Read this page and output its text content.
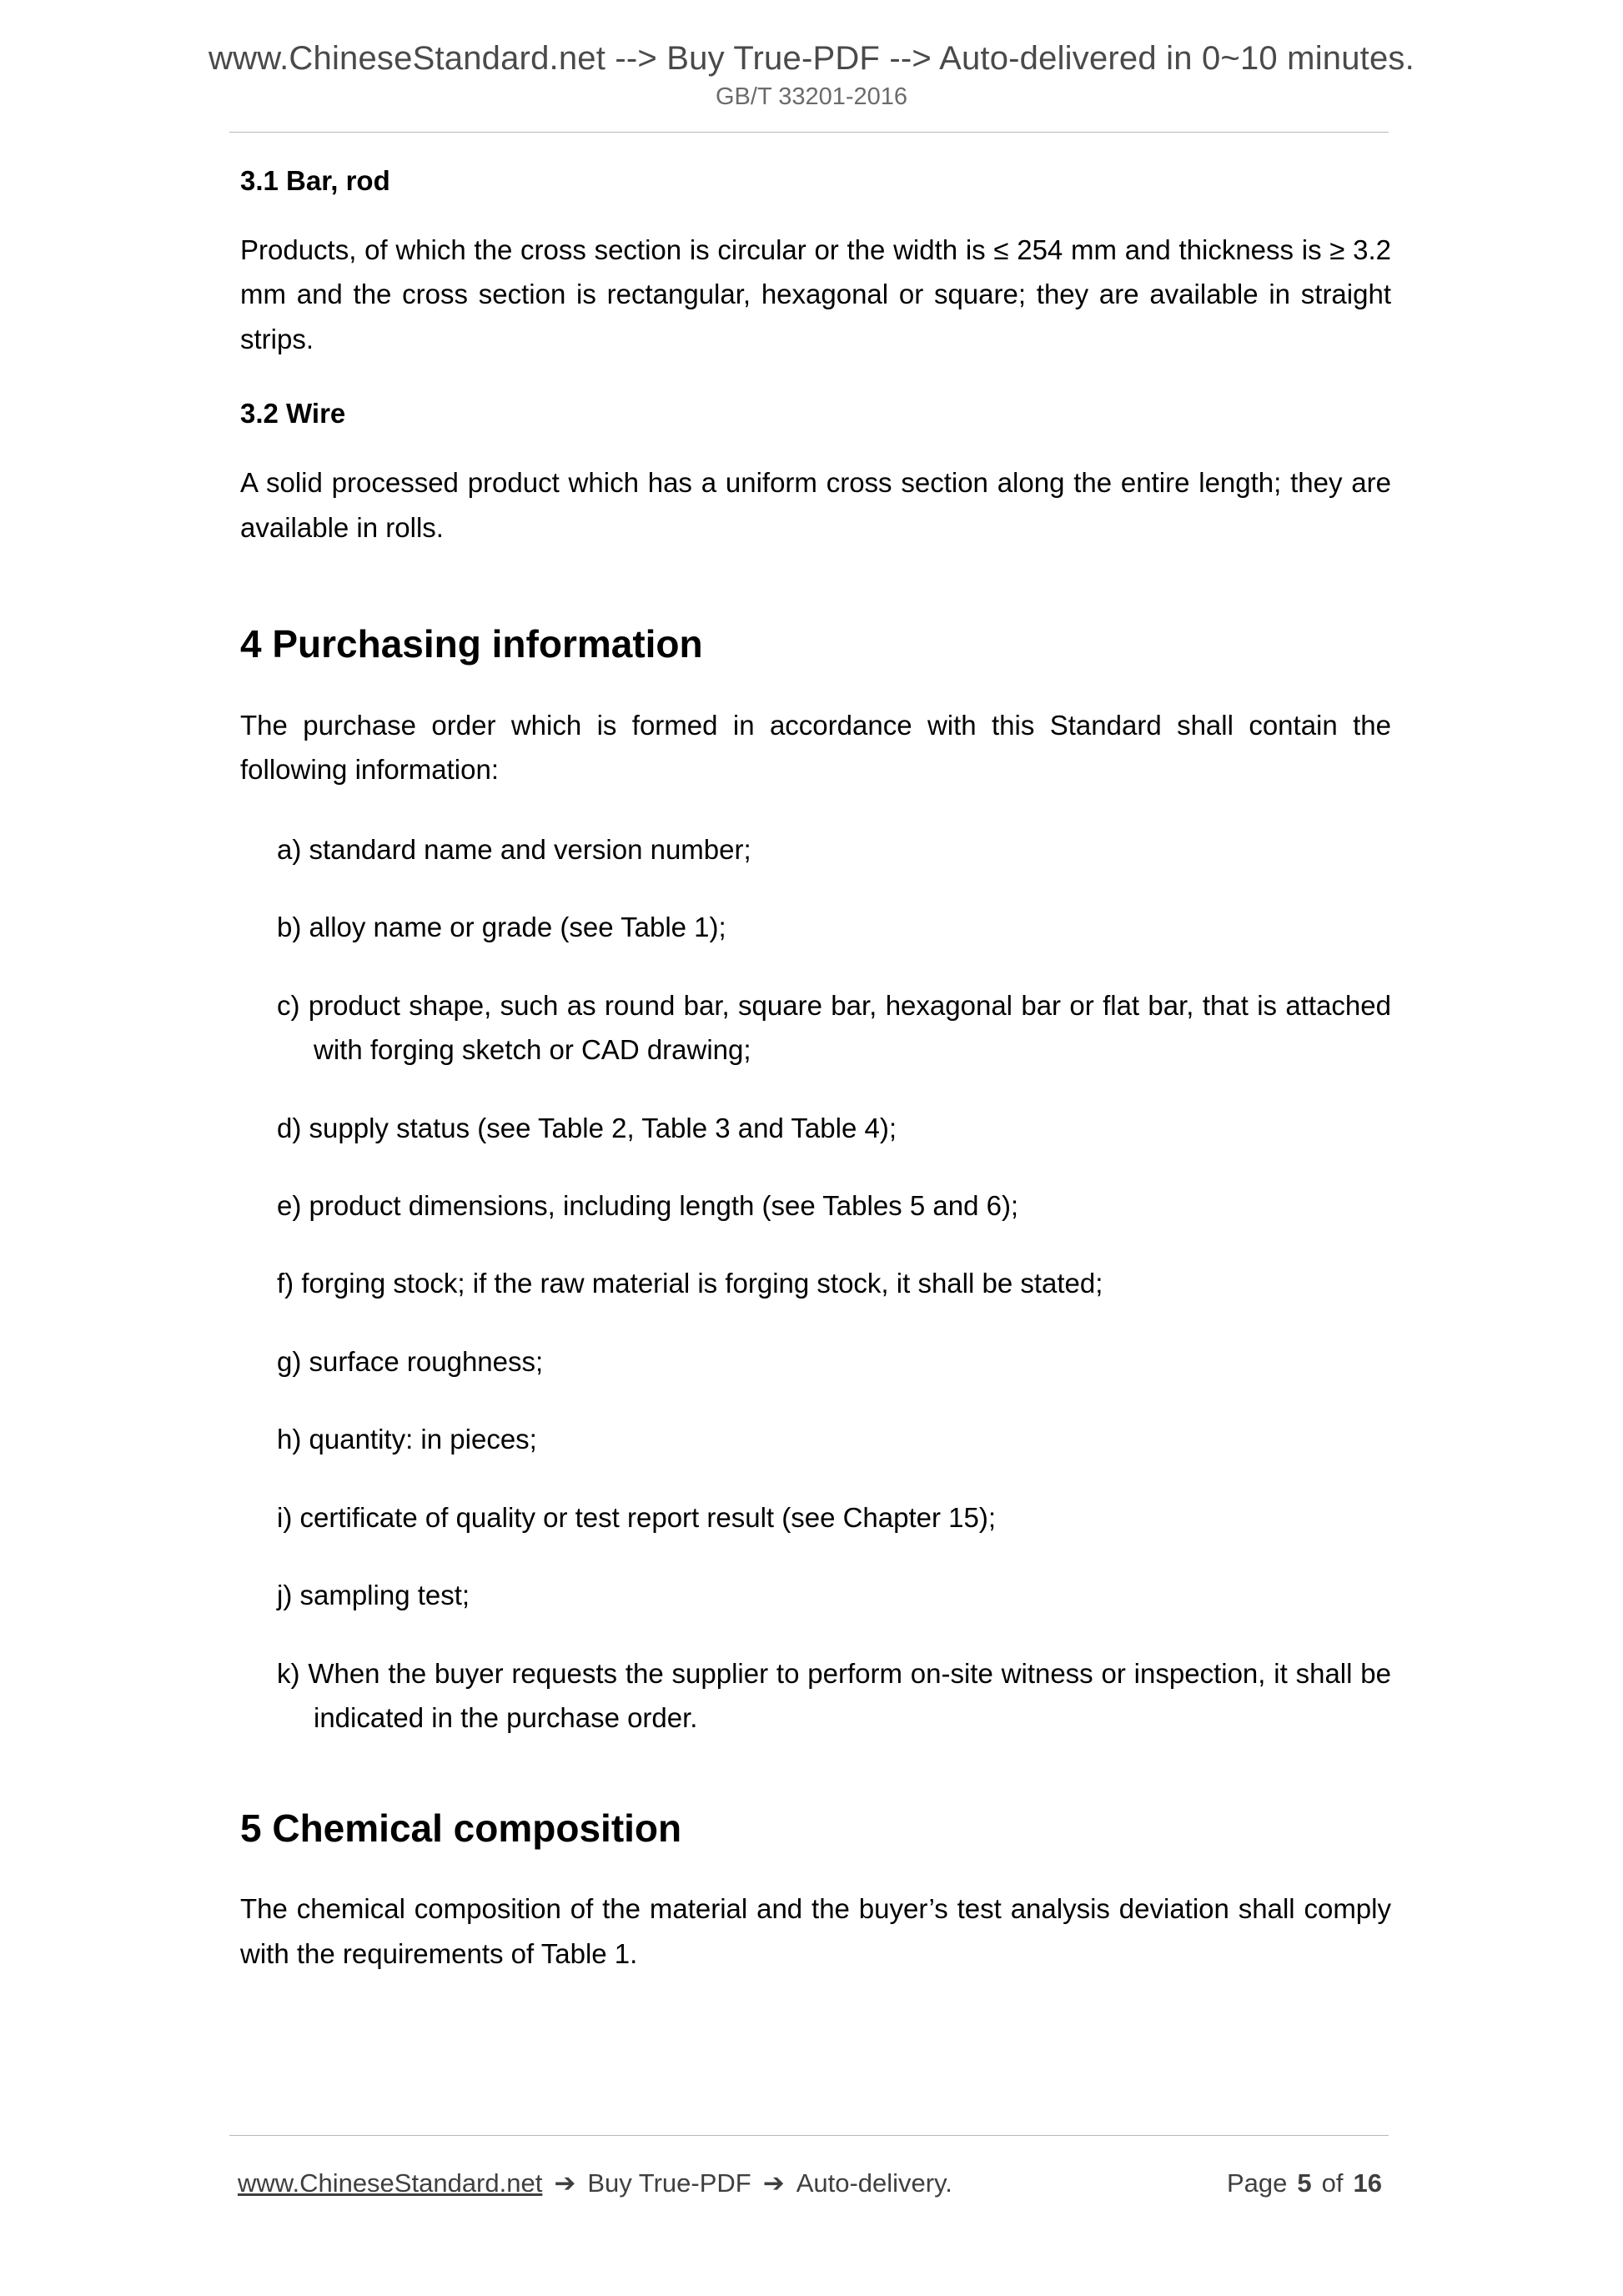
www.ChineseStandard.net --> Buy True-PDF --> Auto-delivered in 0~10 minutes.
GB/T 33201-2016
3.1 Bar, rod

Products, of which the cross section is circular or the width is ≤ 254 mm and thickness is ≥ 3.2 mm and the cross section is rectangular, hexagonal or square; they are available in straight strips.

3.2 Wire

A solid processed product which has a uniform cross section along the entire length; they are available in rolls.

4 Purchasing information

The purchase order which is formed in accordance with this Standard shall contain the following information:

a) standard name and version number;

b) alloy name or grade (see Table 1);

c) product shape, such as round bar, square bar, hexagonal bar or flat bar, that is attached with forging sketch or CAD drawing;

d) supply status (see Table 2, Table 3 and Table 4);

e) product dimensions, including length (see Tables 5 and 6);

f) forging stock; if the raw material is forging stock, it shall be stated;

g) surface roughness;

h) quantity: in pieces;

i) certificate of quality or test report result (see Chapter 15);

j) sampling test;

k) When the buyer requests the supplier to perform on-site witness or inspection, it shall be indicated in the purchase order.

5 Chemical composition

The chemical composition of the material and the buyer’s test analysis deviation shall comply with the requirements of Table 1.

www.ChineseStandard.net ➔ Buy True-PDF ➔ Auto-delivery.	Page 5 of 16
